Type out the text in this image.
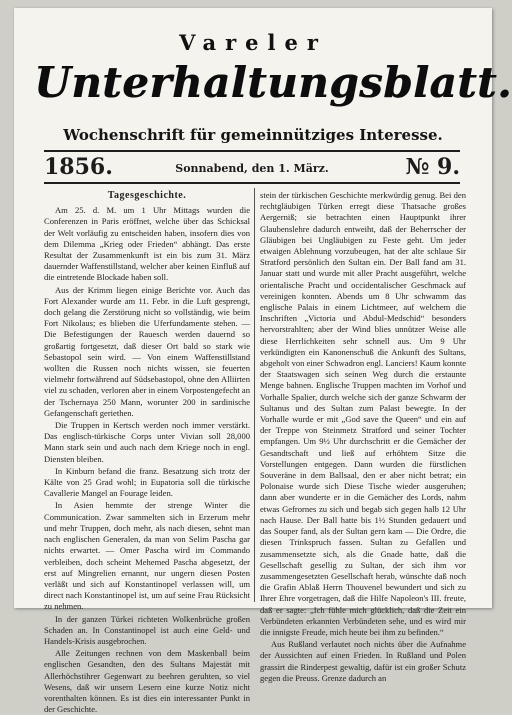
Vareler
Unterhaltungsblatt.
Wochenschrift für gemeinnütziges Interesse.
1856.	Sonnabend, den 1. März.	№ 9.
Tagesgeschichte.

Am 25. d. M. um 1 Uhr Mittags wurden die Conferenzen in Paris eröffnet, welche über das Schicksal der Welt vorläufig zu entscheiden haben, insofern dies von dem Dilemma „Krieg oder Frieden“ abhängt. Das erste Resultat der Zusammenkunft ist ein bis zum 31. März dauernder Waffenstillstand, welcher aber keinen Einfluß auf die eintretende Blockade haben soll.

Aus der Krimm liegen einige Berichte vor. Auch das Fort Alexander wurde am 11. Febr. in die Luft gesprengt, doch gelang die Zerstörung nicht so vollständig, wie beim Fort Nikolaus; es blieben die Uferfundamente stehen. — Die Befestigungen der Rauesch werden dauernd so großartig fortgesetzt, daß dieser Ort bald so stark wie Sebastopol sein wird. — Von einem Waffenstillstand wollten die Russen noch nichts wissen, sie feuerten vielmehr fortwährend auf Südsebastopol, ohne den Alliirten viel zu schaden, verloren aber in einem Vorpostengefecht an der Tschernaya 250 Mann, worunter 200 in sardinische Gefangenschaft geriethen.

Die Truppen in Kertsch werden noch immer verstärkt. Das englisch-türkische Corps unter Vivian soll 28,000 Mann stark sein und auch nach dem Kriege noch in engl. Diensten bleiben.

In Kinburn befand die franz. Besatzung sich trotz der Kälte von 25 Grad wohl; in Eupatoria soll die türkische Cavallerie Mangel an Fourage leiden.

In Asien hemmte der strenge Winter die Communication. Zwar sammelten sich in Erzerum mehr und mehr Truppen, doch mehr, als nach diesen, sehnt man nach englischen Generalen, da man von Selim Pascha gar nichts erwartet. — Omer Pascha wird im Commando verbleiben, doch scheint Mehemed Pascha abgesetzt, der erst auf Mingrelien ernannt, nur ungern diesen Posten verläßt und sich auf Konstantinopel verlassen will, um direct nach Konstantinopel ist, um auf seine Frau Rücksicht zu nehmen.

In der ganzen Türkei richteten Wolkenbrüche großen Schaden an. In Constantinopel ist auch eine Geld- und Handels-Krisis ausgebrochen.

Alle Zeitungen rechnen von dem Maskenball beim englischen Gesandten, den des Sultans Majestät mit Allerhöchstihrer Gegenwart zu beehren geruhten, so viel Wesens, daß wir unsern Lesern eine kurze Notiz nicht vorenthalten können. Es ist dies ein interessanter Punkt in der Geschichte.

stein der türkischen Geschichte merkwürdig genug. Bei den rechtgläubigen Türken erregt diese Thatsache großes Aergerniß; sie betrachten einen Hauptpunkt ihrer Glaubenslehre dadurch entweiht, daß der Beherrscher der Gläubigen bei Ungläubigen zu Feste geht. Um jeder etwaigen Ablehnung vorzubeugen, hat der alte schlaue Sir Stratford persönlich den Sultan ein. Der Ball fand am 31. Januar statt und wurde mit aller Pracht ausgeführt, welche orientalische Pracht und occidentalischer Geschmack auf vereinigen konnten. Abends um 8 Uhr schwamm das englische Palais in einem Lichtmeer, auf welchem die Inschriften „Victoria und Abdul-Medschid“ besonders hervorstrahlten; aber der Wind blies unnützer Weise alle diese Herrlichkeiten sehr schnell aus. Um 9 Uhr verkündigten ein Kanonenschuß die Ankunft des Sultans, abgeholt von einer Schwadron engl. Lanciers! Kaum konnte der Staatswagen sich seinen Weg durch die erstaunte Menge bahnen. Englische Truppen machten im Vorhof und Vorhalle Spalier, durch welche sich der ganze Schwarm der Sultanus und des Sultan zum Palast bewegte. In der Vorhalle wurde er mit „God save the Queen“ und ein auf der Treppe von Steinmetz Stratford und seiner Tochter empfangen. Um 9½ Uhr durchschritt er die Gemächer der Gesandtschaft und ließ auf erhöhtem Sitze die Vorstellungen entgegen. Dann wurden die fürstlichen Souveräne in dem Ballsaal, den er aber nicht betrat; ein Polonaise wurde sich Diese Tische wieder ausgeruhen; dann aber wunderte er in die Gemächer des Lords, nahm etwas Gefrornes zu sich und begab sich gegen halb 12 Uhr nach Hause. Der Ball hatte bis 1½ Stunden gedauert und das Souper fand, als der Sultan gern kam — Die Ordre, die diesen Trinkspruch fassen. Sultan zu Gefallen und zusammensetzte sich, als die Gnade hatte, daß die Gesellschaft gesellig zu Sultan, der sich ihm vor zusammengesetzten Gesellschaft herab, wünschte daß noch die Grafin Ablaß Herrn Thouvenel bewundert und sich zu Ihrer Ehre vorgetragen, daß die Hilfe Napoleon's III. freute, daß er sagte: „Ich fühle mich glücklich, daß die Zeit ein Verbündeten erkannten Verbündeten sehe, und es wird mir die innigste Freude, mich heute bei ihm zu befinden.“

Aus Rußland verlautet noch nichts über die Aufnahme der Aussichten auf einen Frieden. In Rußland und Polen grassirt die Rinderpest gewaltig, dafür ist ein großer Schutz gegen die Preuss. Grenze dadurch an
